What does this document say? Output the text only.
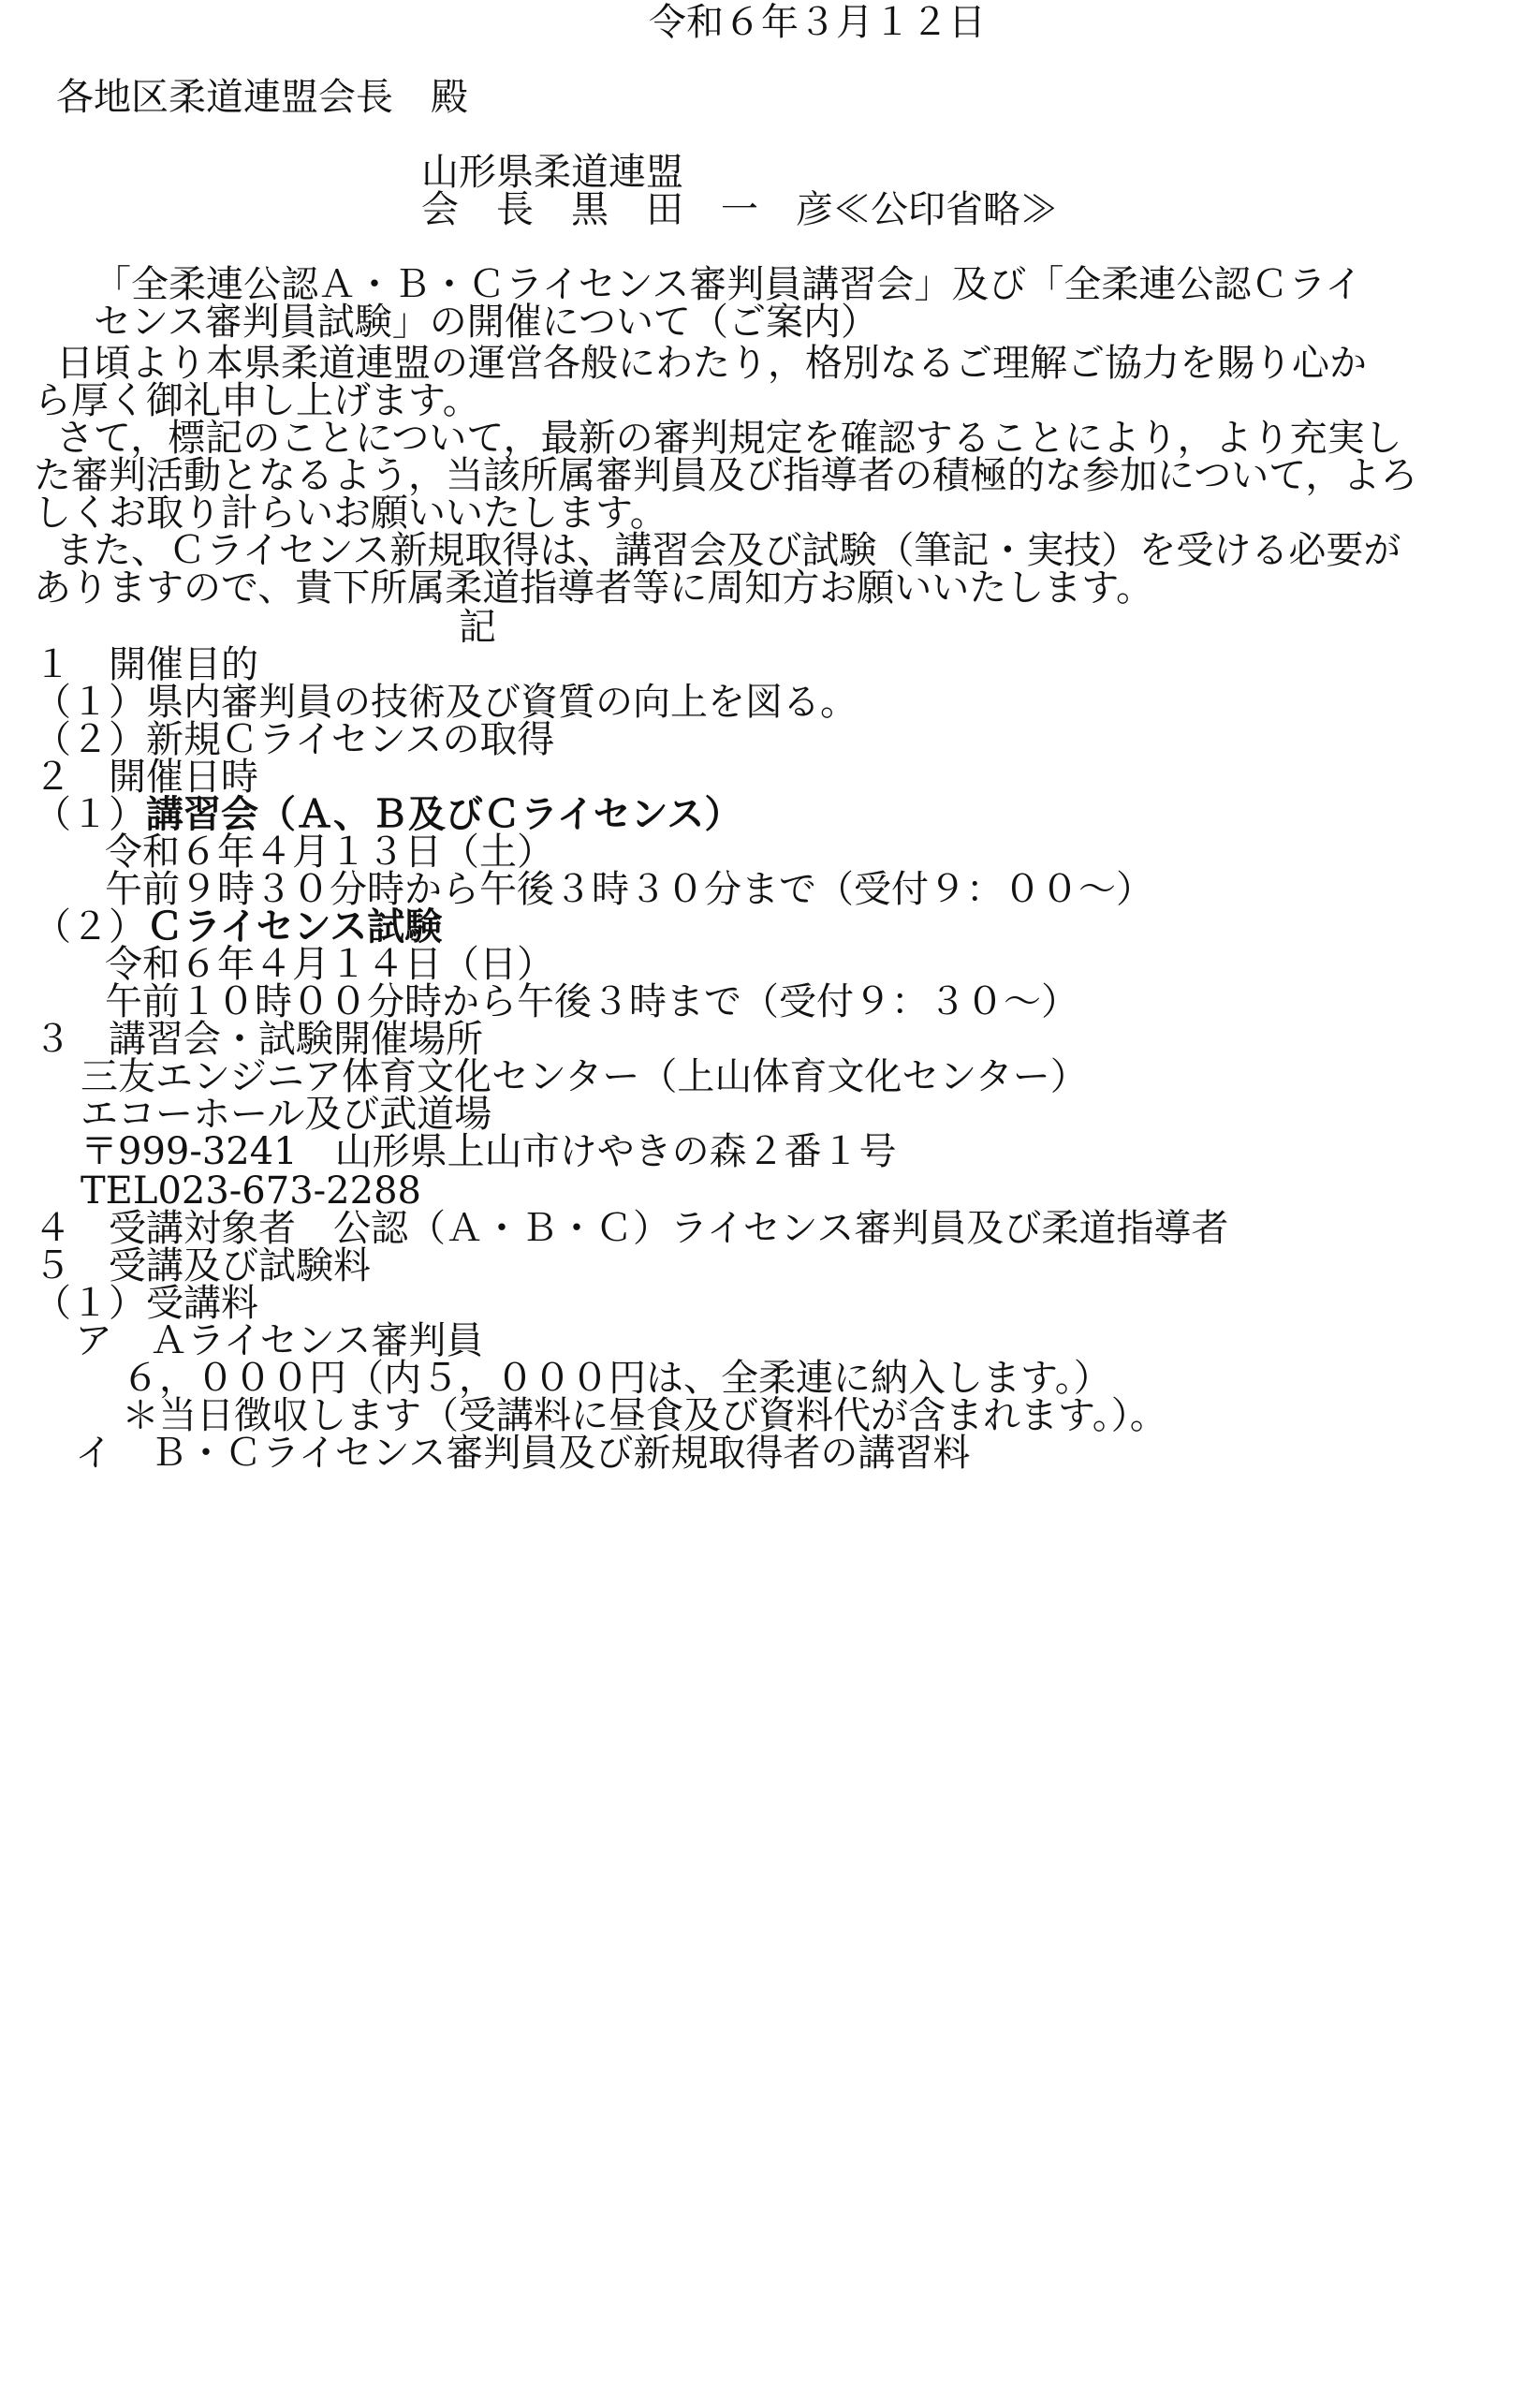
令和６年３月１２日
各地区柔道連盟会長　殿
山形県柔道連盟
会　長　黒　田　一　彦≪公印省略≫
「全柔連公認Ａ・Ｂ・Ｃライセンス審判員講習会」及び「全柔連公認Ｃライ
センス審判員試験」の開催について（ご案内）
日頃より本県柔道連盟の運営各般にわたり，格別なるご理解ご協力を賜り心か
ら厚く御礼申し上げます。
さて，標記のことについて，最新の審判規定を確認することにより，より充実し
た審判活動となるよう，当該所属審判員及び指導者の積極的な参加について，よろ
しくお取り計らいお願いいたします。
また、Ｃライセンス新規取得は、講習会及び試験（筆記・実技）を受ける必要が
ありますので、貴下所属柔道指導者等に周知方お願いいたします。
記
１　開催目的
（１）県内審判員の技術及び資質の向上を図る。
（２）新規Ｃライセンスの取得
２　開催日時
（１）講習会（Ａ、Ｂ及びＣライセンス）
令和６年４月１３日（土）
午前９時３０分時から午後３時３０分まで（受付９：００～）
（２）Ｃライセンス試験
令和６年４月１４日（日）
午前１０時００分時から午後３時まで（受付９：３０～）
３　講習会・試験開催場所
三友エンジニア体育文化センター（上山体育文化センター）
エコーホール及び武道場
〒999-3241　山形県上山市けやきの森２番１号
TEL023-673-2288
４　受講対象者　公認（Ａ・Ｂ・Ｃ）ライセンス審判員及び柔道指導者
５　受講及び試験料
（１）受講料
ア　Ａライセンス審判員
６，０００円（内５，０００円は、全柔連に納入します。）
＊当日徴収します（受講料に昼食及び資料代が含まれます。）。
イ　Ｂ・Ｃライセンス審判員及び新規取得者の講習料
